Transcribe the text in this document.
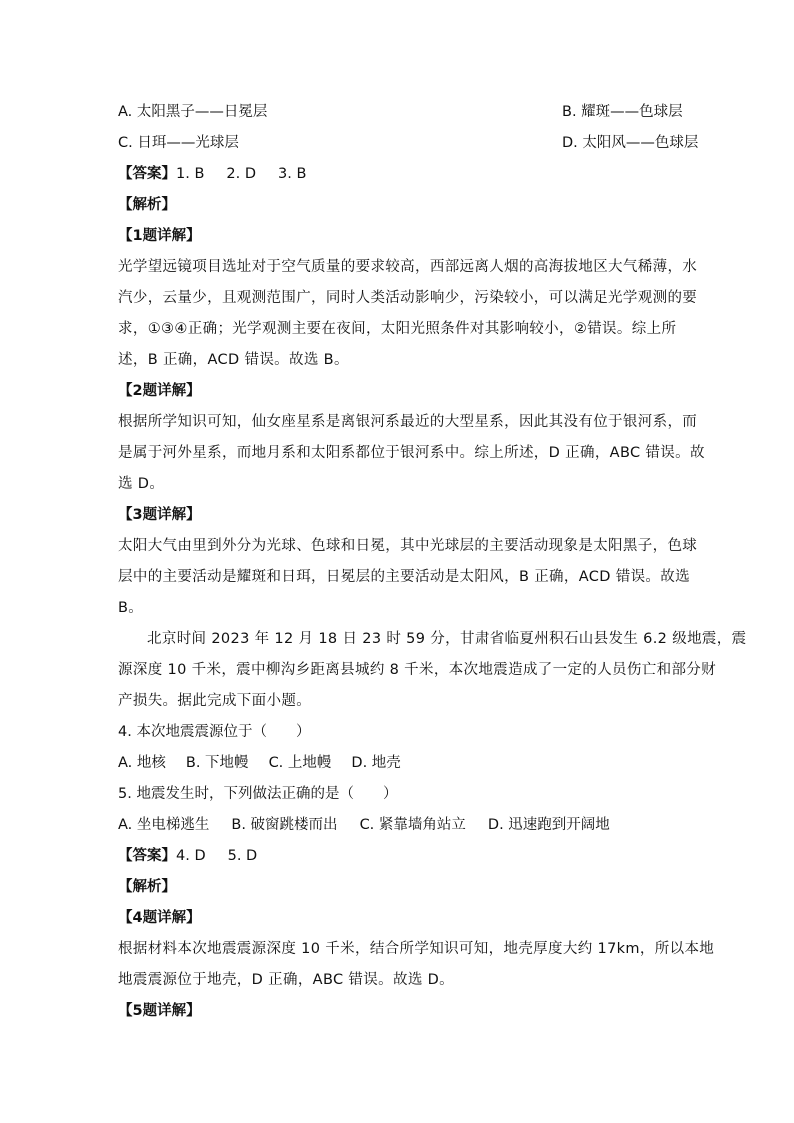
A. 太阳黑子——日冕层	B. 耀斑——色球层
C. 日珥——光球层	D. 太阳风——色球层
【答案】1. B 2. D 3. B
【解析】
【1题详解】
光学望远镜项目选址对于空气质量的要求较高，西部远离人烟的高海拔地区大气稀薄，水
汽少，云量少，且观测范围广，同时人类活动影响少，污染较小，可以满足光学观测的要
求，①③④正确；光学观测主要在夜间，太阳光照条件对其影响较小，②错误。综上所
述，B 正确，ACD 错误。故选 B。
【2题详解】
根据所学知识可知，仙女座星系是离银河系最近的大型星系，因此其没有位于银河系，而
是属于河外星系，而地月系和太阳系都位于银河系中。综上所述，D 正确，ABC 错误。故
选 D。
【3题详解】
太阳大气由里到外分为光球、色球和日冕，其中光球层的主要活动现象是太阳黑子，色球
层中的主要活动是耀斑和日珥，日冕层的主要活动是太阳风，B 正确，ACD 错误。故选
B。
北京时间 2023 年 12 月 18 日 23 时 59 分，甘肃省临夏州积石山县发生 6.2 级地震，震
源深度 10 千米，震中柳沟乡距离县城约 8 千米，本次地震造成了一定的人员伤亡和部分财
产损失。据此完成下面小题。
4. 本次地震震源位于（　　）
A. 地核 B. 下地幔 C. 上地幔 D. 地壳
5. 地震发生时，下列做法正确的是（　　）
A. 坐电梯逃生 B. 破窗跳楼而出 C. 紧靠墙角站立 D. 迅速跑到开阔地
【答案】4. D 5. D
【解析】
【4题详解】
根据材料本次地震震源深度 10 千米，结合所学知识可知，地壳厚度大约 17km，所以本地
地震震源位于地壳，D 正确，ABC 错误。故选 D。
【5题详解】
